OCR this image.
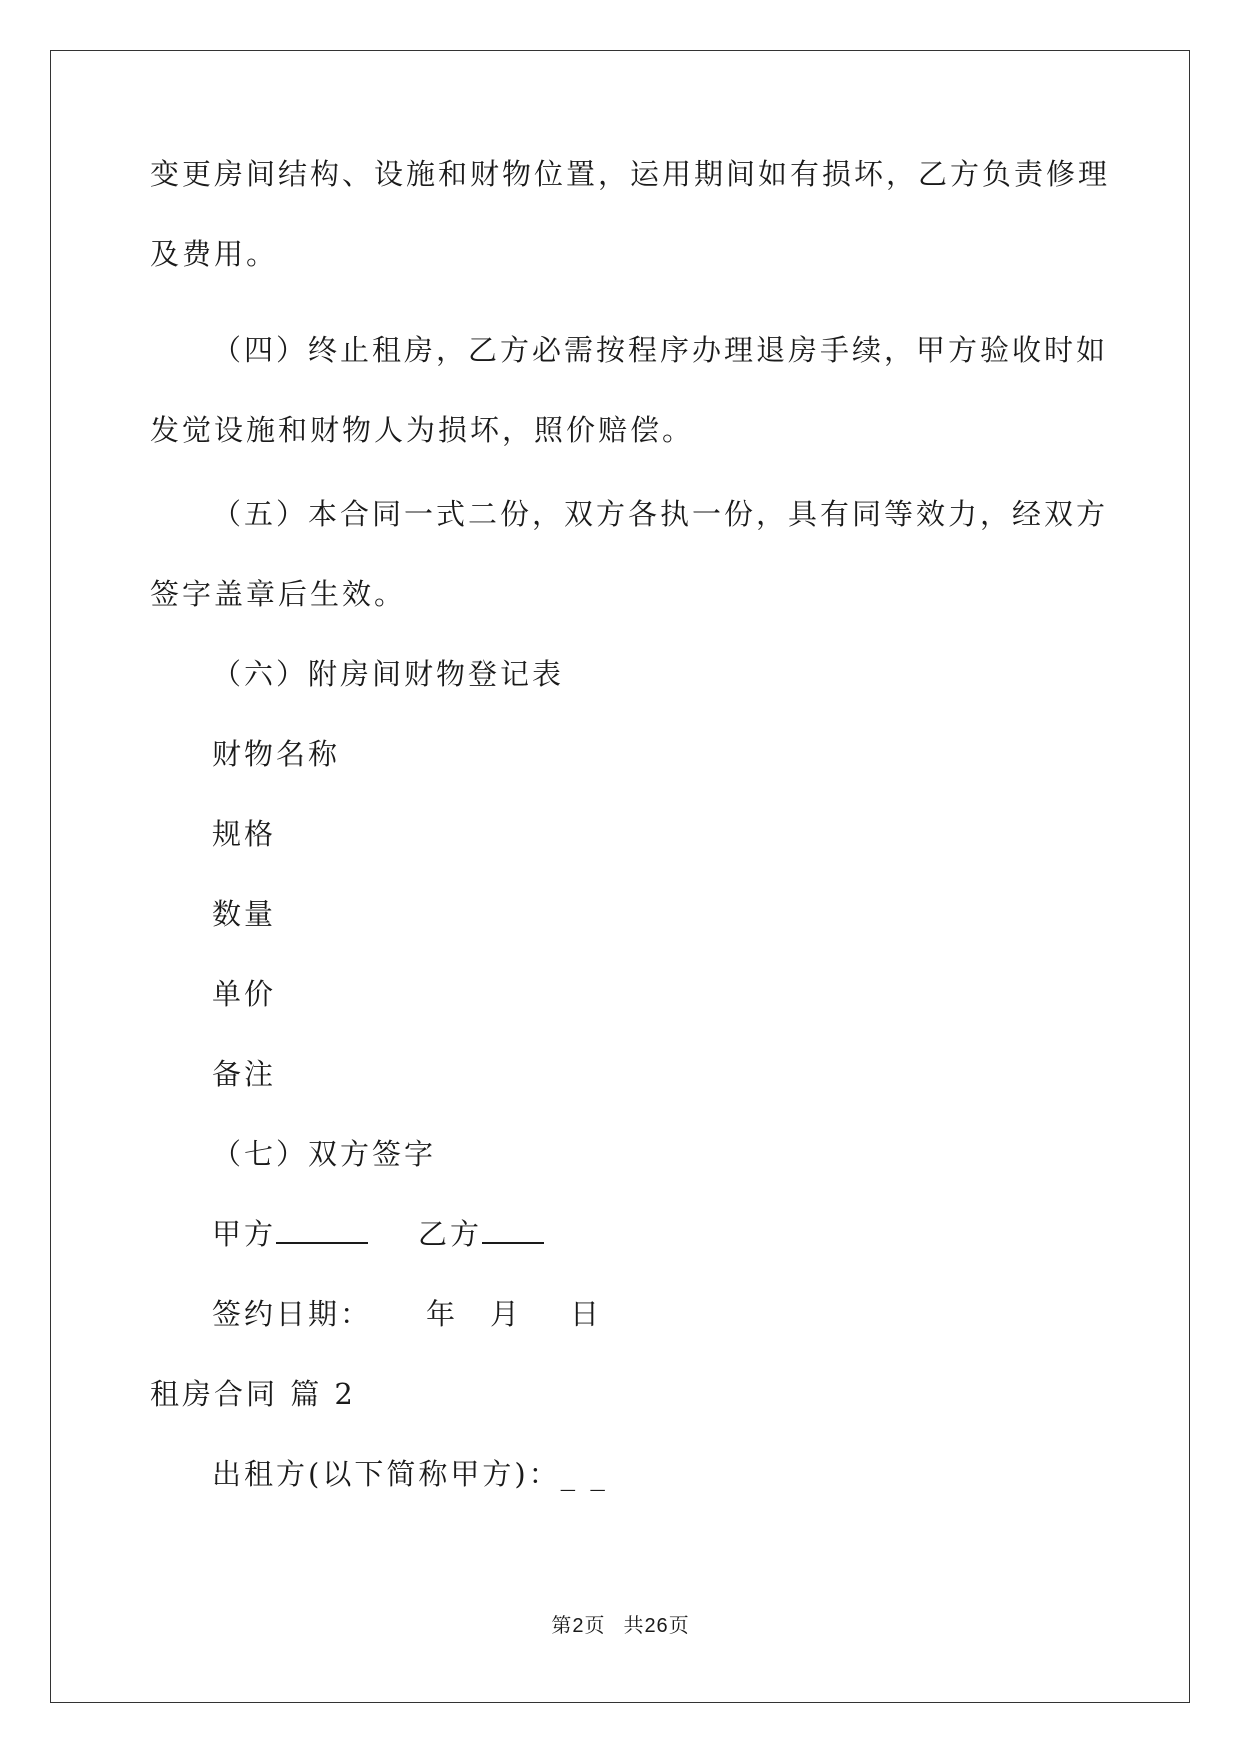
变更房间结构、设施和财物位置，运用期间如有损坏，乙方负责修理
及费用。
（四）终止租房，乙方必需按程序办理退房手续，甲方验收时如
发觉设施和财物人为损坏，照价赔偿。
（五）本合同一式二份，双方各执一份，具有同等效力，经双方
签字盖章后生效。
（六）附房间财物登记表
财物名称
规格
数量
单价
备注
（七）双方签字
甲方	乙方
签约日期： 年 月 日
租房合同 篇 2
出租方(以下简称甲方)：_ _
第2页 共26页
